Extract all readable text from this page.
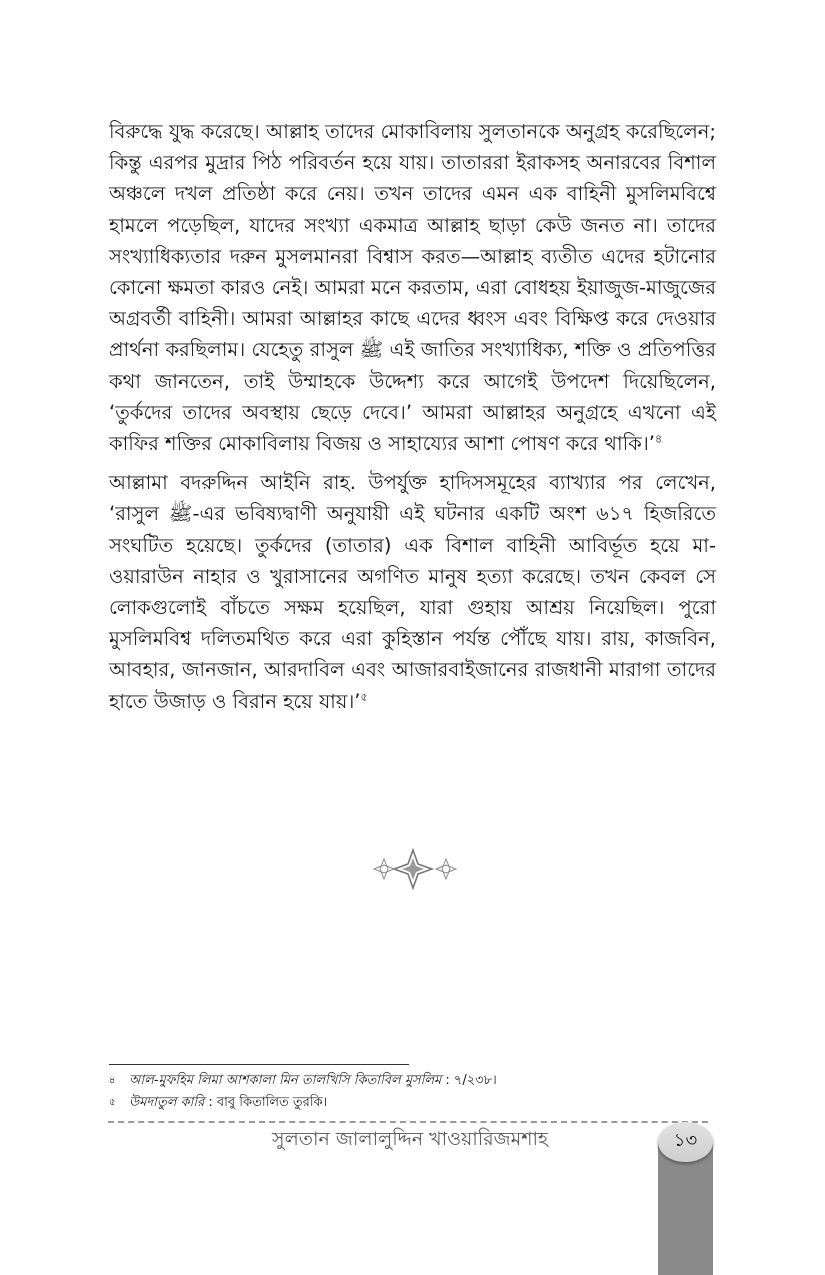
বিরুদ্ধে যুদ্ধ করেছে। আল্লাহ তাদের মোকাবিলায় সুলতানকে অনুগ্রহ করেছিলেন; কিন্তু এরপর মুদ্রার পিঠ পরিবর্তন হয়ে যায়। তাতাররা ইরাকসহ অনারবের বিশাল অঞ্চলে দখল প্রতিষ্ঠা করে নেয়। তখন তাদের এমন এক বাহিনী মুসলিমবিশ্বে হামলে পড়েছিল, যাদের সংখ্যা একমাত্র আল্লাহ ছাড়া কেউ জনত না। তাদের সংখ্যাধিক্যতার দরুন মুসলমানরা বিশ্বাস করত—আল্লাহ ব্যতীত এদের হটানোর কোনো ক্ষমতা কারও নেই। আমরা মনে করতাম, এরা বোধহয় ইয়াজুজ-মাজুজের অগ্রবর্তী বাহিনী। আমরা আল্লাহর কাছে এদের ধ্বংস এবং বিক্ষিপ্ত করে দেওয়ার প্রার্থনা করছিলাম। যেহেতু রাসুল ﷺ এই জাতির সংখ্যাধিক্য, শক্তি ও প্রতিপত্তির কথা জানতেন, তাই উম্মাহকে উদ্দেশ্য করে আগেই উপদেশ দিয়েছিলেন, ‘তুর্কদের তাদের অবস্থায় ছেড়ে দেবে।’ আমরা আল্লাহর অনুগ্রহে এখনো এই কাফির শক্তির মোকাবিলায় বিজয় ও সাহায্যের আশা পোষণ করে থাকি।’$^৪$

আল্লামা বদরুদ্দিন আইনি রাহ. উপর্যুক্ত হাদিসসমূহের ব্যাখ্যার পর লেখেন, ‘রাসুল ﷺ-এর ভবিষ্যদ্বাণী অনুযায়ী এই ঘটনার একটি অংশ ৬১৭ হিজরিতে সংঘটিত হয়েছে। তুর্কদের (তাতার) এক বিশাল বাহিনী আবির্ভূত হয়ে মা-ওয়ারাউন নাহার ও খুরাসানের অগণিত মানুষ হত্যা করেছে। তখন কেবল সে লোকগুলোই বাঁচতে সক্ষম হয়েছিল, যারা গুহায় আশ্রয় নিয়েছিল। পুরো মুসলিমবিশ্ব দলিতমথিত করে এরা কুহিস্তান পর্যন্ত পৌঁছে যায়। রায়, কাজবিন, আবহার, জানজান, আরদাবিল এবং আজারবাইজানের রাজধানী মারাগা তাদের হাতে উজাড় ও বিরান হয়ে যায়।’$^৫$

৪ আল-মুফহিম লিমা আশকালা মিন তালখিসি কিতাবিল মুসলিম : ৭/২৩৮।
৫ উমদাতুল কারি : বাবু কিতালিত তুরকি।
সুলতান জালালুদ্দিন খাওয়ারিজমশাহ	১৩
